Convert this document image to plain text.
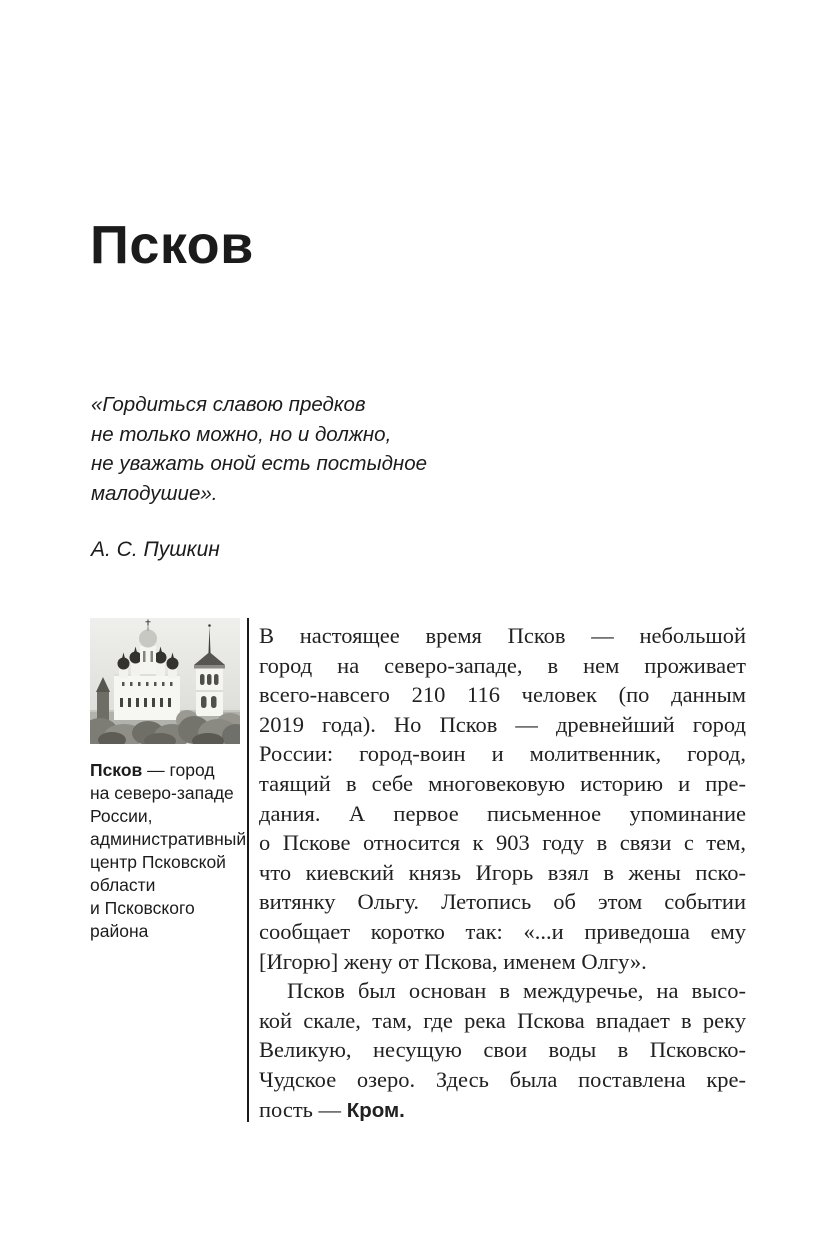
Псков
«Гордиться славою предков
не только можно, но и должно,
не уважать оной есть постыдное
малодушие».
А. С. Пушкин
Псков — город
на северо-западе
России,
административный
центр Псковской
области
и Псковского
района
В настоящее время Псков — небольшой
город на северо-западе, в нем проживает
всего-навсего 210 116 человек (по данным
2019 года). Но Псков — древнейший город
России: город-воин и молитвенник, город,
таящий в себе многовековую историю и пре-
дания. А первое письменное упоминание
о Пскове относится к 903 году в связи с тем,
что киевский князь Игорь взял в жены пско-
витянку Ольгу. Летопись об этом событии
сообщает коротко так: «...и приведоша ему
[Игорю] жену от Пскова, именем Олгу».
Псков был основан в междуречье, на высо-
кой скале, там, где река Пскова впадает в реку
Великую, несущую свои воды в Псковско-
Чудское озеро. Здесь была поставлена кре-
пость — Кром.
